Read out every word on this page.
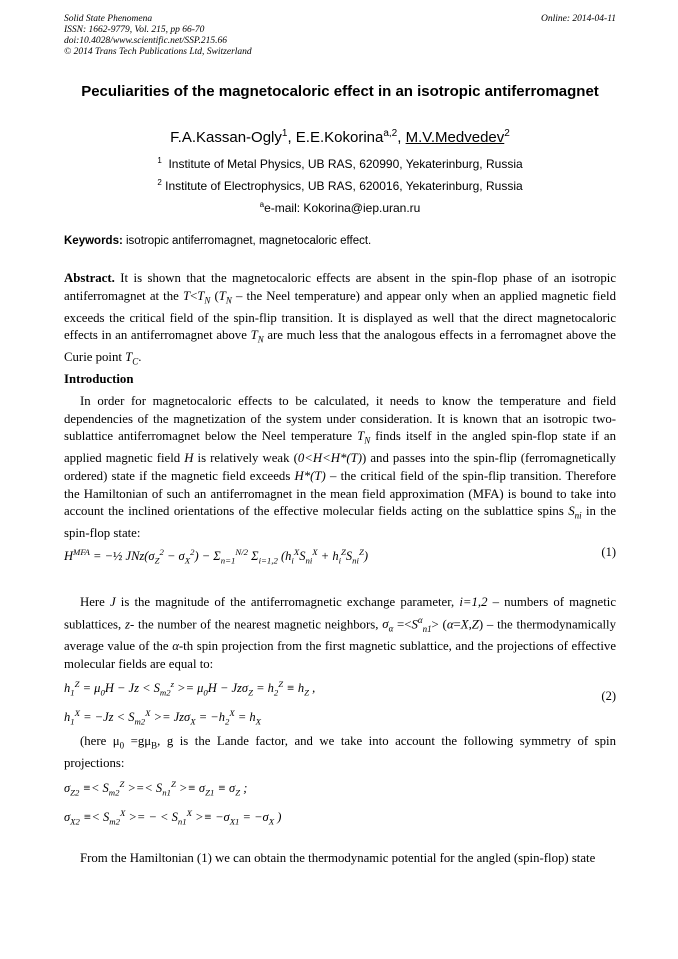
Solid State Phenomena
ISSN: 1662-9779, Vol. 215, pp 66-70
doi:10.4028/www.scientific.net/SSP.215.66
© 2014 Trans Tech Publications Ltd, Switzerland
Online: 2014-04-11
Peculiarities of the magnetocaloric effect in an isotropic antiferromagnet
F.A.Kassan-Ogly$^1$, E.E.Kokorina$^{a,2}$, M.V.Medvedev$^2$
$^1$ Institute of Metal Physics, UB RAS, 620990, Yekaterinburg, Russia
$^2$ Institute of Electrophysics, UB RAS, 620016, Yekaterinburg, Russia
$^a$e-mail: Kokorina@iep.uran.ru
Keywords: isotropic antiferromagnet, magnetocaloric effect.
Abstract. It is shown that the magnetocaloric effects are absent in the spin-flop phase of an isotropic antiferromagnet at the $T<T_N$ ($T_N$ – the Neel temperature) and appear only when an applied magnetic field exceeds the critical field of the spin-flip transition. It is displayed as well that the direct magnetocaloric effects in an antiferromagnet above $T_N$ are much less that the analogous effects in a ferromagnet above the Curie point $T_C$.
Introduction
In order for magnetocaloric effects to be calculated, it needs to know the temperature and field dependencies of the magnetization of the system under consideration. It is known that an isotropic two-sublattice antiferromagnet below the Neel temperature $T_N$ finds itself in the angled spin-flop state if an applied magnetic field H is relatively weak (0<H<H*(T)) and passes into the spin-flip (ferromagnetically ordered) state if the magnetic field exceeds H*(T) – the critical field of the spin-flip transition. Therefore the Hamiltonian of such an antiferromagnet in the mean field approximation (MFA) is bound to take into account the inclined orientations of the effective molecular fields acting on the sublattice spins $S_{ni}$ in the spin-flop state:
$H^{MFA}$ = −½ $JNz(\sigma_Z^2 - \sigma_X^2) - \Sigma_{n=1}^{N/2}$ $\Sigma_{i=1,2}$ $(h_i^XS_{ni}^X + h_i^ZS_{ni}^Z)$	(1)
Here J is the magnitude of the antiferromagnetic exchange parameter, i=1,2 – numbers of magnetic sublattices, z- the number of the nearest magnetic neighbors, $\sigma_\alpha =<S^\alpha_{n1}> (\alpha=X,Z)$ – the thermodynamically average value of the α-th spin projection from the first magnetic sublattice, and the projections of effective molecular fields are equal to:
$h_1^Z = \mu_0H - Jz < S_{m2}^z >= \mu_0H - Jz\sigma_Z = h_2^Z \equiv h_Z$ ,
$h_1^X = -Jz < S_{m2}^X >= Jz\sigma_X = -h_2^X = h_X$
(2)
(here $\mu_0 =g\mu_B$, g is the Lande factor, and we take into account the following symmetry of spin projections:
$\sigma_{Z2} \equiv< S_{m2}^Z$ >=< $S_{n1}^Z >\equiv \sigma_{Z1} \equiv \sigma_Z$ ;
$\sigma_{X2} \equiv< S_{m2}^X$ >= − < $S_{n1}^X >\equiv -\sigma_{X1} = -\sigma_X$ )
From the Hamiltonian (1) we can obtain the thermodynamic potential for the angled (spin-flop) state
